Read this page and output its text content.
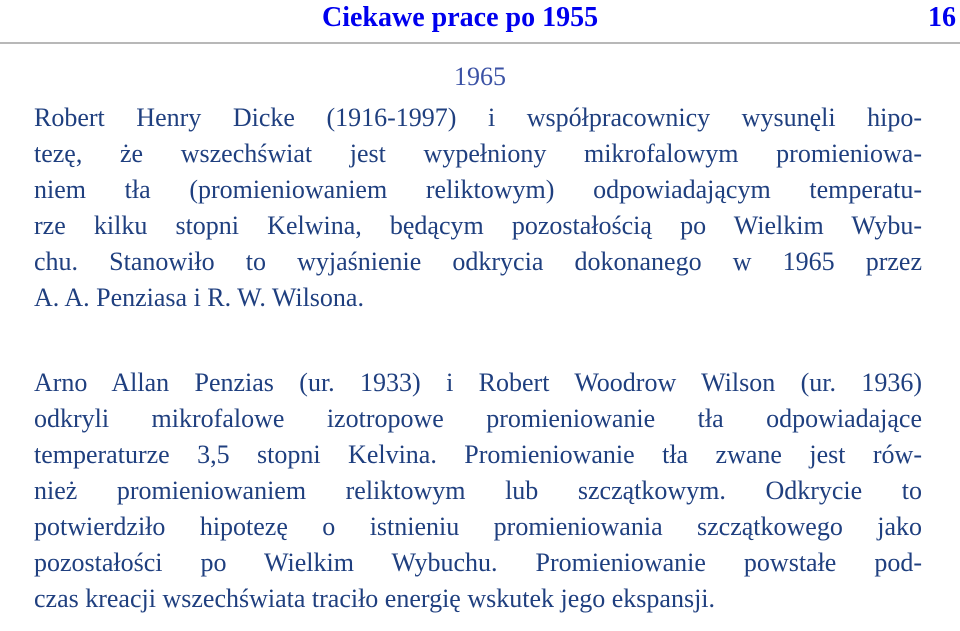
Ciekawe prace po 1955	16
1965
Robert Henry Dicke (1916-1997) i współpracownicy wysunęli hipo-
tezę, że wszechświat jest wypełniony mikrofalowym promieniowa-
niem tła (promieniowaniem reliktowym) odpowiadającym temperatu-
rze kilku stopni Kelwina, będącym pozostałością po Wielkim Wybu-
chu. Stanowiło to wyjaśnienie odkrycia dokonanego w 1965 przez
A. A. Penziasa i R. W. Wilsona.
Arno Allan Penzias (ur. 1933) i Robert Woodrow Wilson (ur. 1936)
odkryli mikrofalowe izotropowe promieniowanie tła odpowiadające
temperaturze 3,5 stopni Kelvina. Promieniowanie tła zwane jest rów-
nież promieniowaniem reliktowym lub szczątkowym. Odkrycie to
potwierdziło hipotezę o istnieniu promieniowania szczątkowego jako
pozostałości po Wielkim Wybuchu. Promieniowanie powstałe pod-
czas kreacji wszechświata traciło energię wskutek jego ekspansji.
